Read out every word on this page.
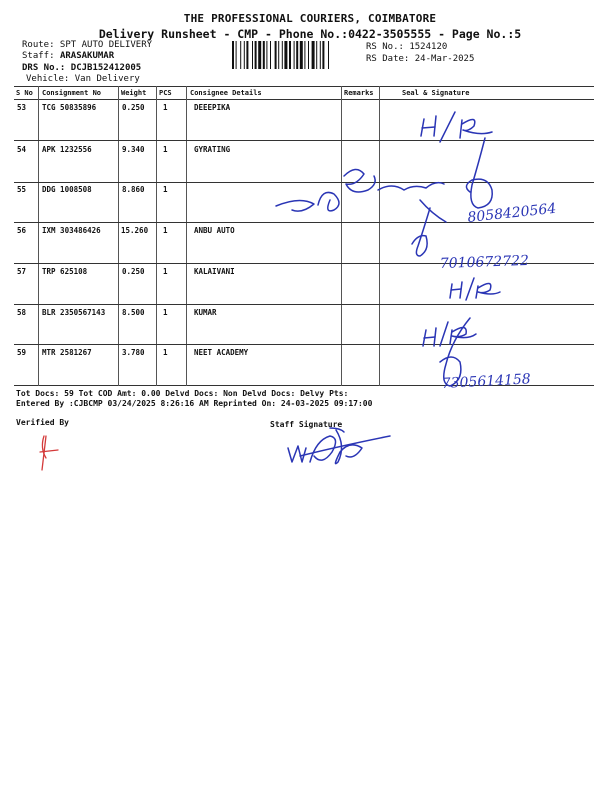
THE PROFESSIONAL COURIERS, COIMBATORE
Delivery Runsheet - CMP - Phone No.:0422-3505555 - Page No.:5
Route: SPT AUTO DELIVERY
Staff: ARASAKUMAR
DRS No.: DCJB152412005
Vehicle: Van Delivery
RS No.: 1524120
RS Date: 24-Mar-2025
S No Consignment No	Weight PCS	Consignee Details	Remarks	Seal & Signature
53 TCG 50835896	0.250 1	DEEEPIKA
54 APK 1232556	9.340 1	GYRATING
55 DDG 1008508	8.860 1
56 IXM 303486426	15.260 1	ANBU AUTO
57 TRP 625108	0.250 1	KALAIVANI
58 BLR 2350567143 8.500 1	KUMAR
59 MTR 2581267	3.780 1	NEET ACADEMY
Tot Docs: 59 Tot COD Amt: 0.00 Delvd Docs: Non Delvd Docs: Delvy Pts:
Entered By :CJBCMP 03/24/2025 8:26:16 AM Reprinted On: 24-03-2025 09:17:00
Verified By	Staff Signature
8058420564
7010672722
7305614158
